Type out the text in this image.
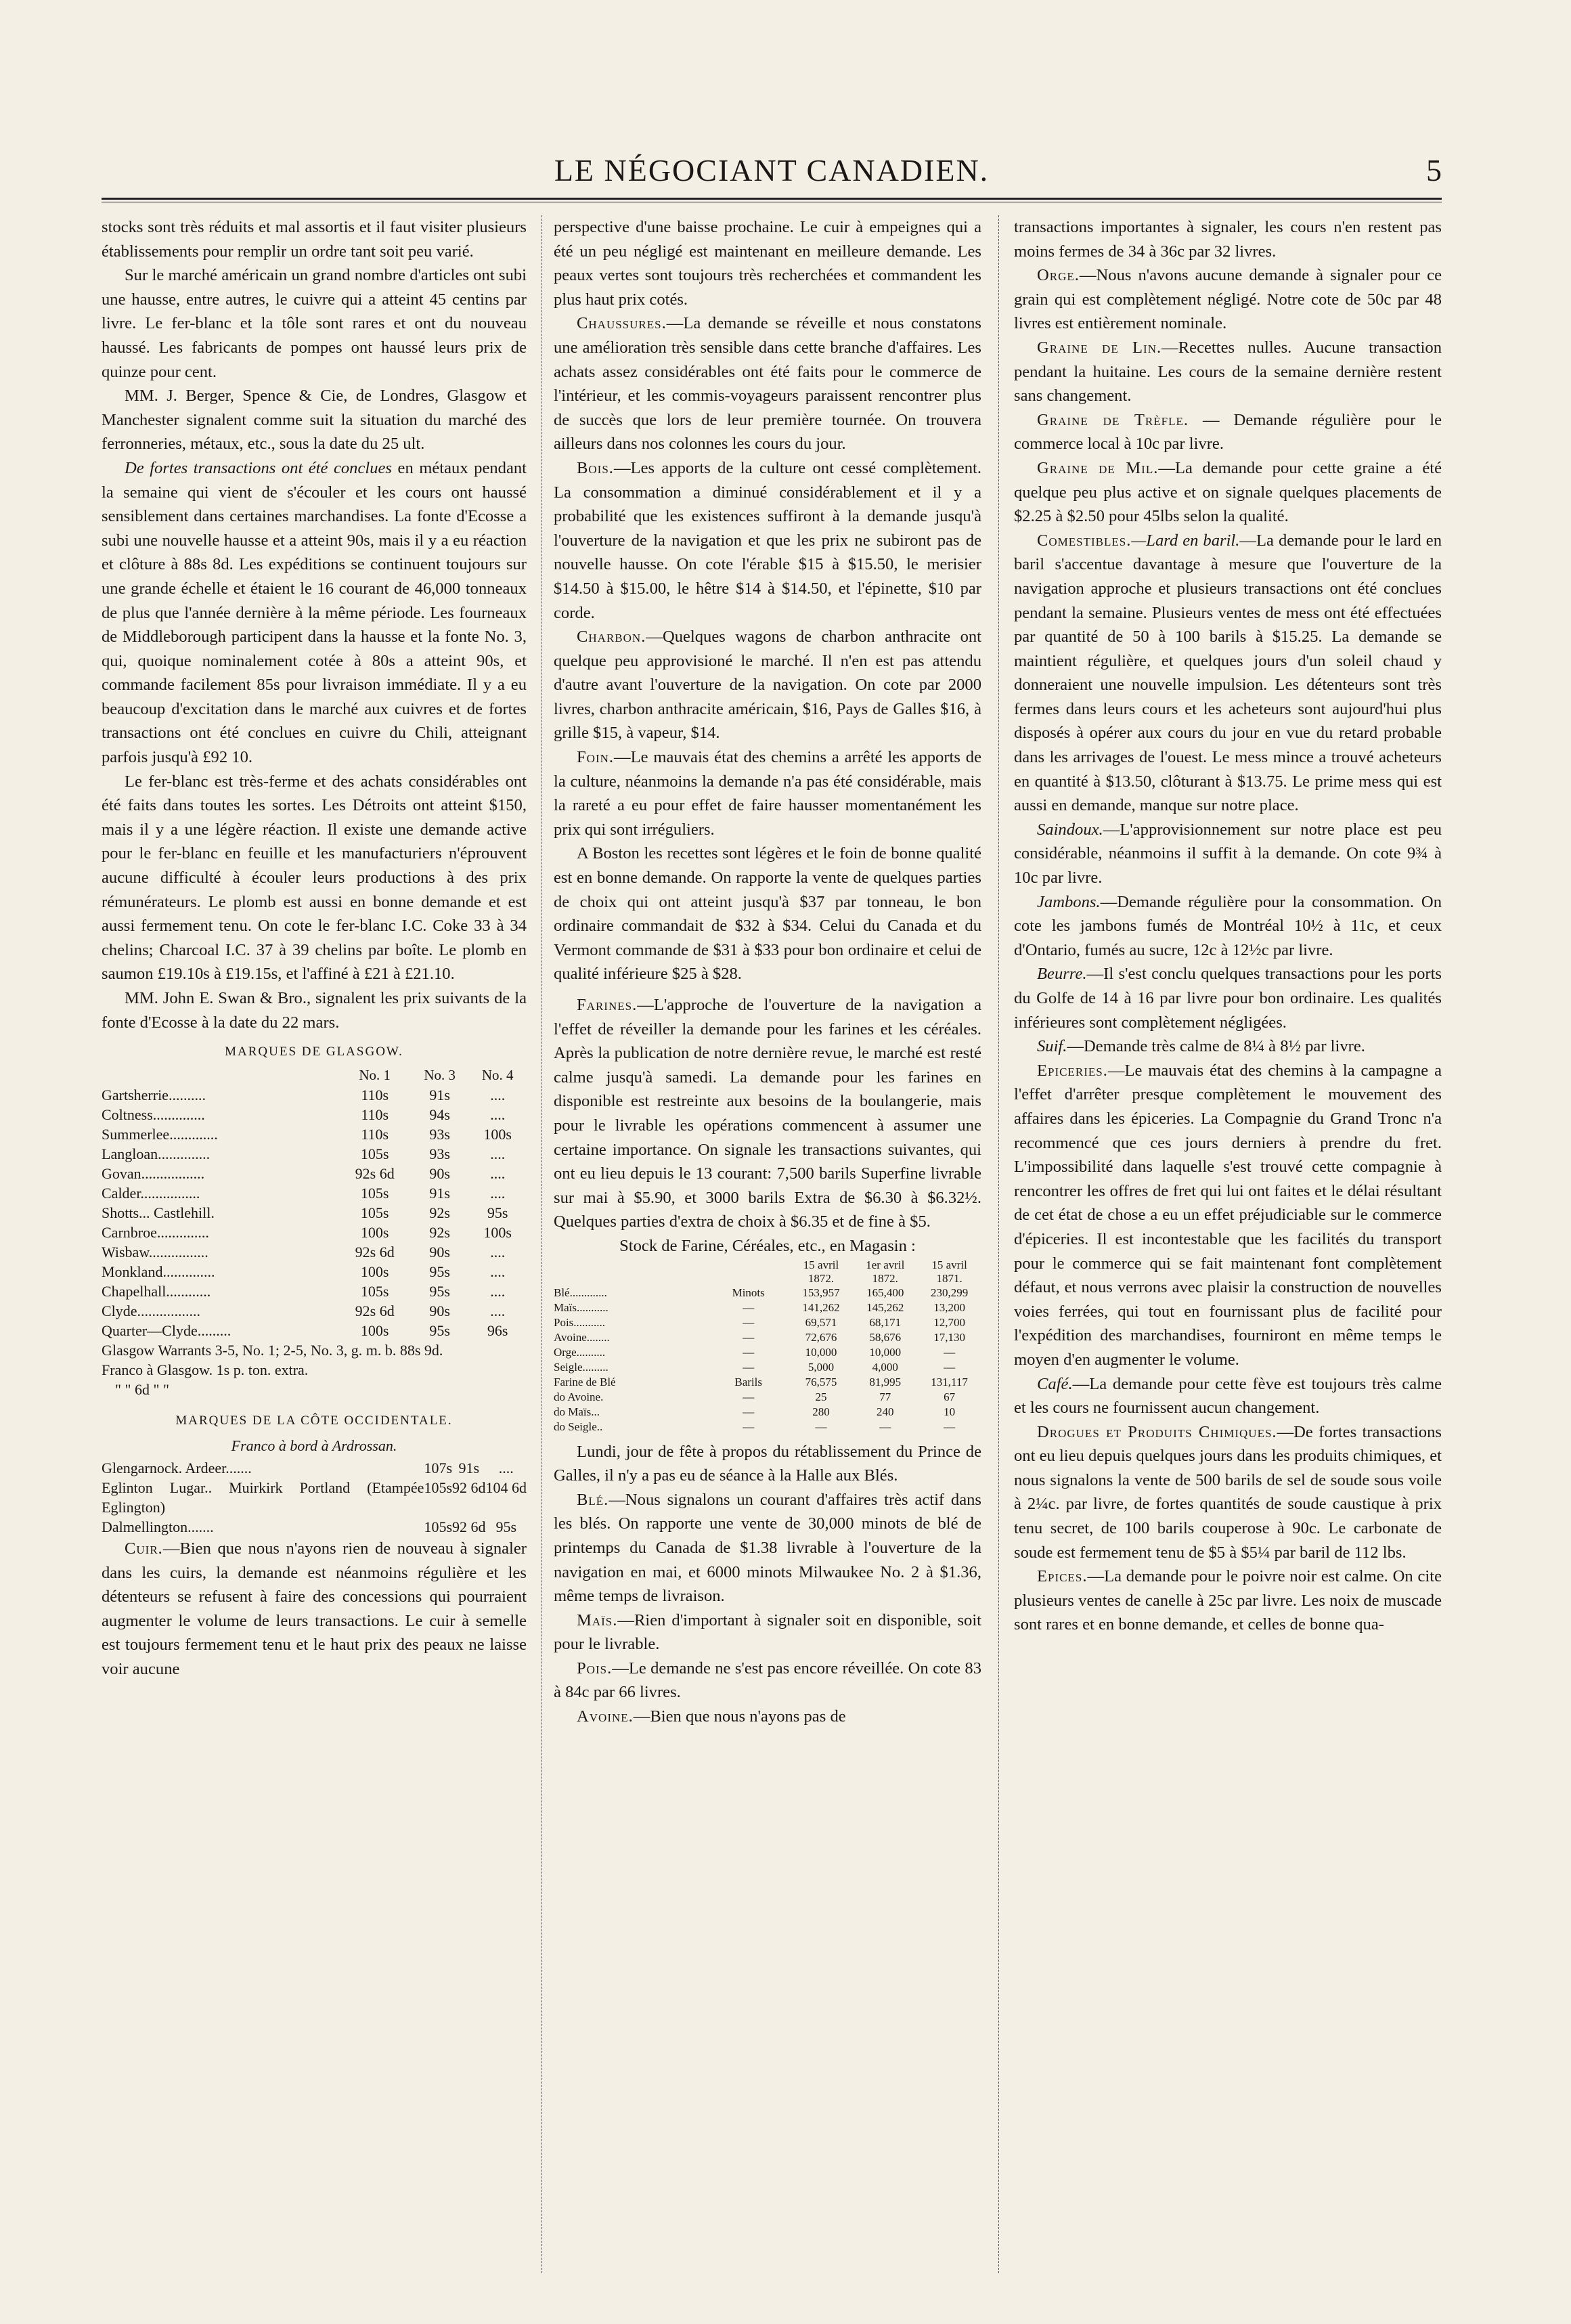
LE NÉGOCIANT CANADIEN.	5

stocks sont très réduits et mal assortis et il faut visiter plusieurs établissements pour remplir un ordre tant soit peu varié.

Sur le marché américain un grand nombre d'articles ont subi une hausse, entre autres, le cuivre qui a atteint 45 centins par livre. Le fer-blanc et la tôle sont rares et ont du nouveau haussé. Les fabricants de pompes ont haussé leurs prix de quinze pour cent.

MM. J. Berger, Spence & Cie, de Londres, Glasgow et Manchester signalent comme suit la situation du marché des ferronneries, métaux, etc., sous la date du 25 ult.

De fortes transactions ont été conclues en métaux pendant la semaine qui vient de s'écouler et les cours ont haussé sensiblement dans certaines marchandises. La fonte d'Ecosse a subi une nouvelle hausse et a atteint 90s, mais il y a eu réaction et clôture à 88s 8d. Les expéditions se continuent toujours sur une grande échelle et étaient le 16 courant de 46,000 tonneaux de plus que l'année dernière à la même période. Les fourneaux de Middleborough participent dans la hausse et la fonte No. 3, qui, quoique nominalement cotée à 80s a atteint 90s, et commande facilement 85s pour livraison immédiate. Il y a eu beaucoup d'excitation dans le marché aux cuivres et de fortes transactions ont été conclues en cuivre du Chili, atteignant parfois jusqu'à £92 10.

Le fer-blanc est très-ferme et des achats considérables ont été faits dans toutes les sortes. Les Détroits ont atteint $150, mais il y a une légère réaction. Il existe une demande active pour le fer-blanc en feuille et les manufacturiers n'éprouvent aucune difficulté à écouler leurs productions à des prix rémunérateurs. Le plomb est aussi en bonne demande et est aussi fermement tenu. On cote le fer-blanc I.C. Coke 33 à 34 chelins; Charcoal I.C. 37 à 39 chelins par boîte. Le plomb en saumon £19.10s à £19.15s, et l'affiné à £21 à £21.10.

MM. John E. Swan & Bro., signalent les prix suivants de la fonte d'Ecosse à la date du 22 mars.

MARQUES DE GLASGOW.
	No. 1	No. 3	No. 4
Gartsherrie..........	110s	91s	....
Coltness..............	110s	94s	....
Summerlee.............	110s	93s	100s
Langloan..............	105s	93s	....
Govan.................	92s 6d	90s	....
Calder................	105s	91s	....
Shotts... Castlehill.	105s	92s	95s
Carnbroe..............	100s	92s	100s
Wisbaw................	92s 6d	90s	....
Monkland..............	100s	95s	....
Chapelhall............	105s	95s	....
Clyde.................	92s 6d	90s	....
Quarter—Clyde.........	100s	95s	96s

Glasgow Warrants 3-5, No. 1; 2-5, No. 3, g. m. b. 88s 9d.

Franco à Glasgow. 1s p. ton. extra.

" " 6d " "

MARQUES DE LA CÔTE OCCIDENTALE.

Franco à bord à Ardrossan.

Glengarnock. Ardeer.......	107s	91s	....
Eglinton Lugar.. Muirkirk Portland (Etampée Eglington)	105s	92 6d	104 6d
Dalmellington.......	105s	92 6d	95s

Cuir.—Bien que nous n'ayons rien de nouveau à signaler dans les cuirs, la demande est néanmoins régulière et les détenteurs se refusent à faire des concessions qui pourraient augmenter le volume de leurs transactions. Le cuir à semelle est toujours fermement tenu et le haut prix des peaux ne laisse voir aucune

perspective d'une baisse prochaine. Le cuir à empeignes qui a été un peu négligé est maintenant en meilleure demande. Les peaux vertes sont toujours très recherchées et commandent les plus haut prix cotés.

Chaussures.—La demande se réveille et nous constatons une amélioration très sensible dans cette branche d'affaires. Les achats assez considérables ont été faits pour le commerce de l'intérieur, et les commis-voyageurs paraissent rencontrer plus de succès que lors de leur première tournée. On trouvera ailleurs dans nos colonnes les cours du jour.

Bois.—Les apports de la culture ont cessé complètement. La consommation a diminué considérablement et il y a probabilité que les existences suffiront à la demande jusqu'à l'ouverture de la navigation et que les prix ne subiront pas de nouvelle hausse. On cote l'érable $15 à $15.50, le merisier $14.50 à $15.00, le hêtre $14 à $14.50, et l'épinette, $10 par corde.

Charbon.—Quelques wagons de charbon anthracite ont quelque peu approvisioné le marché. Il n'en est pas attendu d'autre avant l'ouverture de la navigation. On cote par 2000 livres, charbon anthracite américain, $16, Pays de Galles $16, à grille $15, à vapeur, $14.

Foin.—Le mauvais état des chemins a arrêté les apports de la culture, néanmoins la demande n'a pas été considérable, mais la rareté a eu pour effet de faire hausser momentanément les prix qui sont irréguliers.

A Boston les recettes sont légères et le foin de bonne qualité est en bonne demande. On rapporte la vente de quelques parties de choix qui ont atteint jusqu'à $37 par tonneau, le bon ordinaire commandait de $32 à $34. Celui du Canada et du Vermont commande de $31 à $33 pour bon ordinaire et celui de qualité inférieure $25 à $28.

Farines.—L'approche de l'ouverture de la navigation a l'effet de réveiller la demande pour les farines et les céréales. Après la publication de notre dernière revue, le marché est resté calme jusqu'à samedi. La demande pour les farines en disponible est restreinte aux besoins de la boulangerie, mais pour le livrable les opérations commencent à assumer une certaine importance. On signale les transactions suivantes, qui ont eu lieu depuis le 13 courant: 7,500 barils Superfine livrable sur mai à $5.90, et 3000 barils Extra de $6.30 à $6.32½. Quelques parties d'extra de choix à $6.35 et de fine à $5.

Stock de Farine, Céréales, etc., en Magasin :

		15 avril 1872.	1er avril 1872.	15 avril 1871.
Blé.............	Minots	153,957	165,400	230,299
Maïs...........	—	141,262	145,262	13,200
Pois...........	—	69,571	68,171	12,700
Avoine........	—	72,676	58,676	17,130
Orge..........	—	10,000	10,000	—
Seigle.........	—	5,000	4,000	—
Farine de Blé	Barils	76,575	81,995	131,117
do Avoine.	—	25	77	67
do Maïs...	—	280	240	10
do Seigle..	—	—	—	—

Lundi, jour de fête à propos du rétablissement du Prince de Galles, il n'y a pas eu de séance à la Halle aux Blés.

Blé.—Nous signalons un courant d'affaires très actif dans les blés. On rapporte une vente de 30,000 minots de blé de printemps du Canada de $1.38 livrable à l'ouverture de la navigation en mai, et 6000 minots Milwaukee No. 2 à $1.36, même temps de livraison.

Maïs.—Rien d'important à signaler soit en disponible, soit pour le livrable.

Pois.—Le demande ne s'est pas encore réveillée. On cote 83 à 84c par 66 livres.

Avoine.—Bien que nous n'ayons pas de

transactions importantes à signaler, les cours n'en restent pas moins fermes de 34 à 36c par 32 livres.

Orge.—Nous n'avons aucune demande à signaler pour ce grain qui est complètement négligé. Notre cote de 50c par 48 livres est entièrement nominale.

Graine de Lin.—Recettes nulles. Aucune transaction pendant la huitaine. Les cours de la semaine dernière restent sans changement.

Graine de Trèfle. — Demande régulière pour le commerce local à 10c par livre.

Graine de Mil.—La demande pour cette graine a été quelque peu plus active et on signale quelques placements de $2.25 à $2.50 pour 45lbs selon la qualité.

Comestibles.—Lard en baril.—La demande pour le lard en baril s'accentue davantage à mesure que l'ouverture de la navigation approche et plusieurs transactions ont été conclues pendant la semaine. Plusieurs ventes de mess ont été effectuées par quantité de 50 à 100 barils à $15.25. La demande se maintient régulière, et quelques jours d'un soleil chaud y donneraient une nouvelle impulsion. Les détenteurs sont très fermes dans leurs cours et les acheteurs sont aujourd'hui plus disposés à opérer aux cours du jour en vue du retard probable dans les arrivages de l'ouest. Le mess mince a trouvé acheteurs en quantité à $13.50, clôturant à $13.75. Le prime mess qui est aussi en demande, manque sur notre place.

Saindoux.—L'approvisionnement sur notre place est peu considérable, néanmoins il suffit à la demande. On cote 9¾ à 10c par livre.

Jambons.—Demande régulière pour la consommation. On cote les jambons fumés de Montréal 10½ à 11c, et ceux d'Ontario, fumés au sucre, 12c à 12½c par livre.

Beurre.—Il s'est conclu quelques transactions pour les ports du Golfe de 14 à 16 par livre pour bon ordinaire. Les qualités inférieures sont complètement négligées.

Suif.—Demande très calme de 8¼ à 8½ par livre.

Epiceries.—Le mauvais état des chemins à la campagne a l'effet d'arrêter presque complètement le mouvement des affaires dans les épiceries. La Compagnie du Grand Tronc n'a recommencé que ces jours derniers à prendre du fret. L'impossibilité dans laquelle s'est trouvé cette compagnie à rencontrer les offres de fret qui lui ont faites et le délai résultant de cet état de chose a eu un effet préjudiciable sur le commerce d'épiceries. Il est incontestable que les facilités du transport pour le commerce qui se fait maintenant font complètement défaut, et nous verrons avec plaisir la construction de nouvelles voies ferrées, qui tout en fournissant plus de facilité pour l'expédition des marchandises, fourniront en même temps le moyen d'en augmenter le volume.

Café.—La demande pour cette fève est toujours très calme et les cours ne fournissent aucun changement.

Drogues et Produits Chimiques.—De fortes transactions ont eu lieu depuis quelques jours dans les produits chimiques, et nous signalons la vente de 500 barils de sel de soude sous voile à 2¼c. par livre, de fortes quantités de soude caustique à prix tenu secret, de 100 barils couperose à 90c. Le carbonate de soude est fermement tenu de $5 à $5¼ par baril de 112 lbs.

Epices.—La demande pour le poivre noir est calme. On cite plusieurs ventes de canelle à 25c par livre. Les noix de muscade sont rares et en bonne demande, et celles de bonne qua-
